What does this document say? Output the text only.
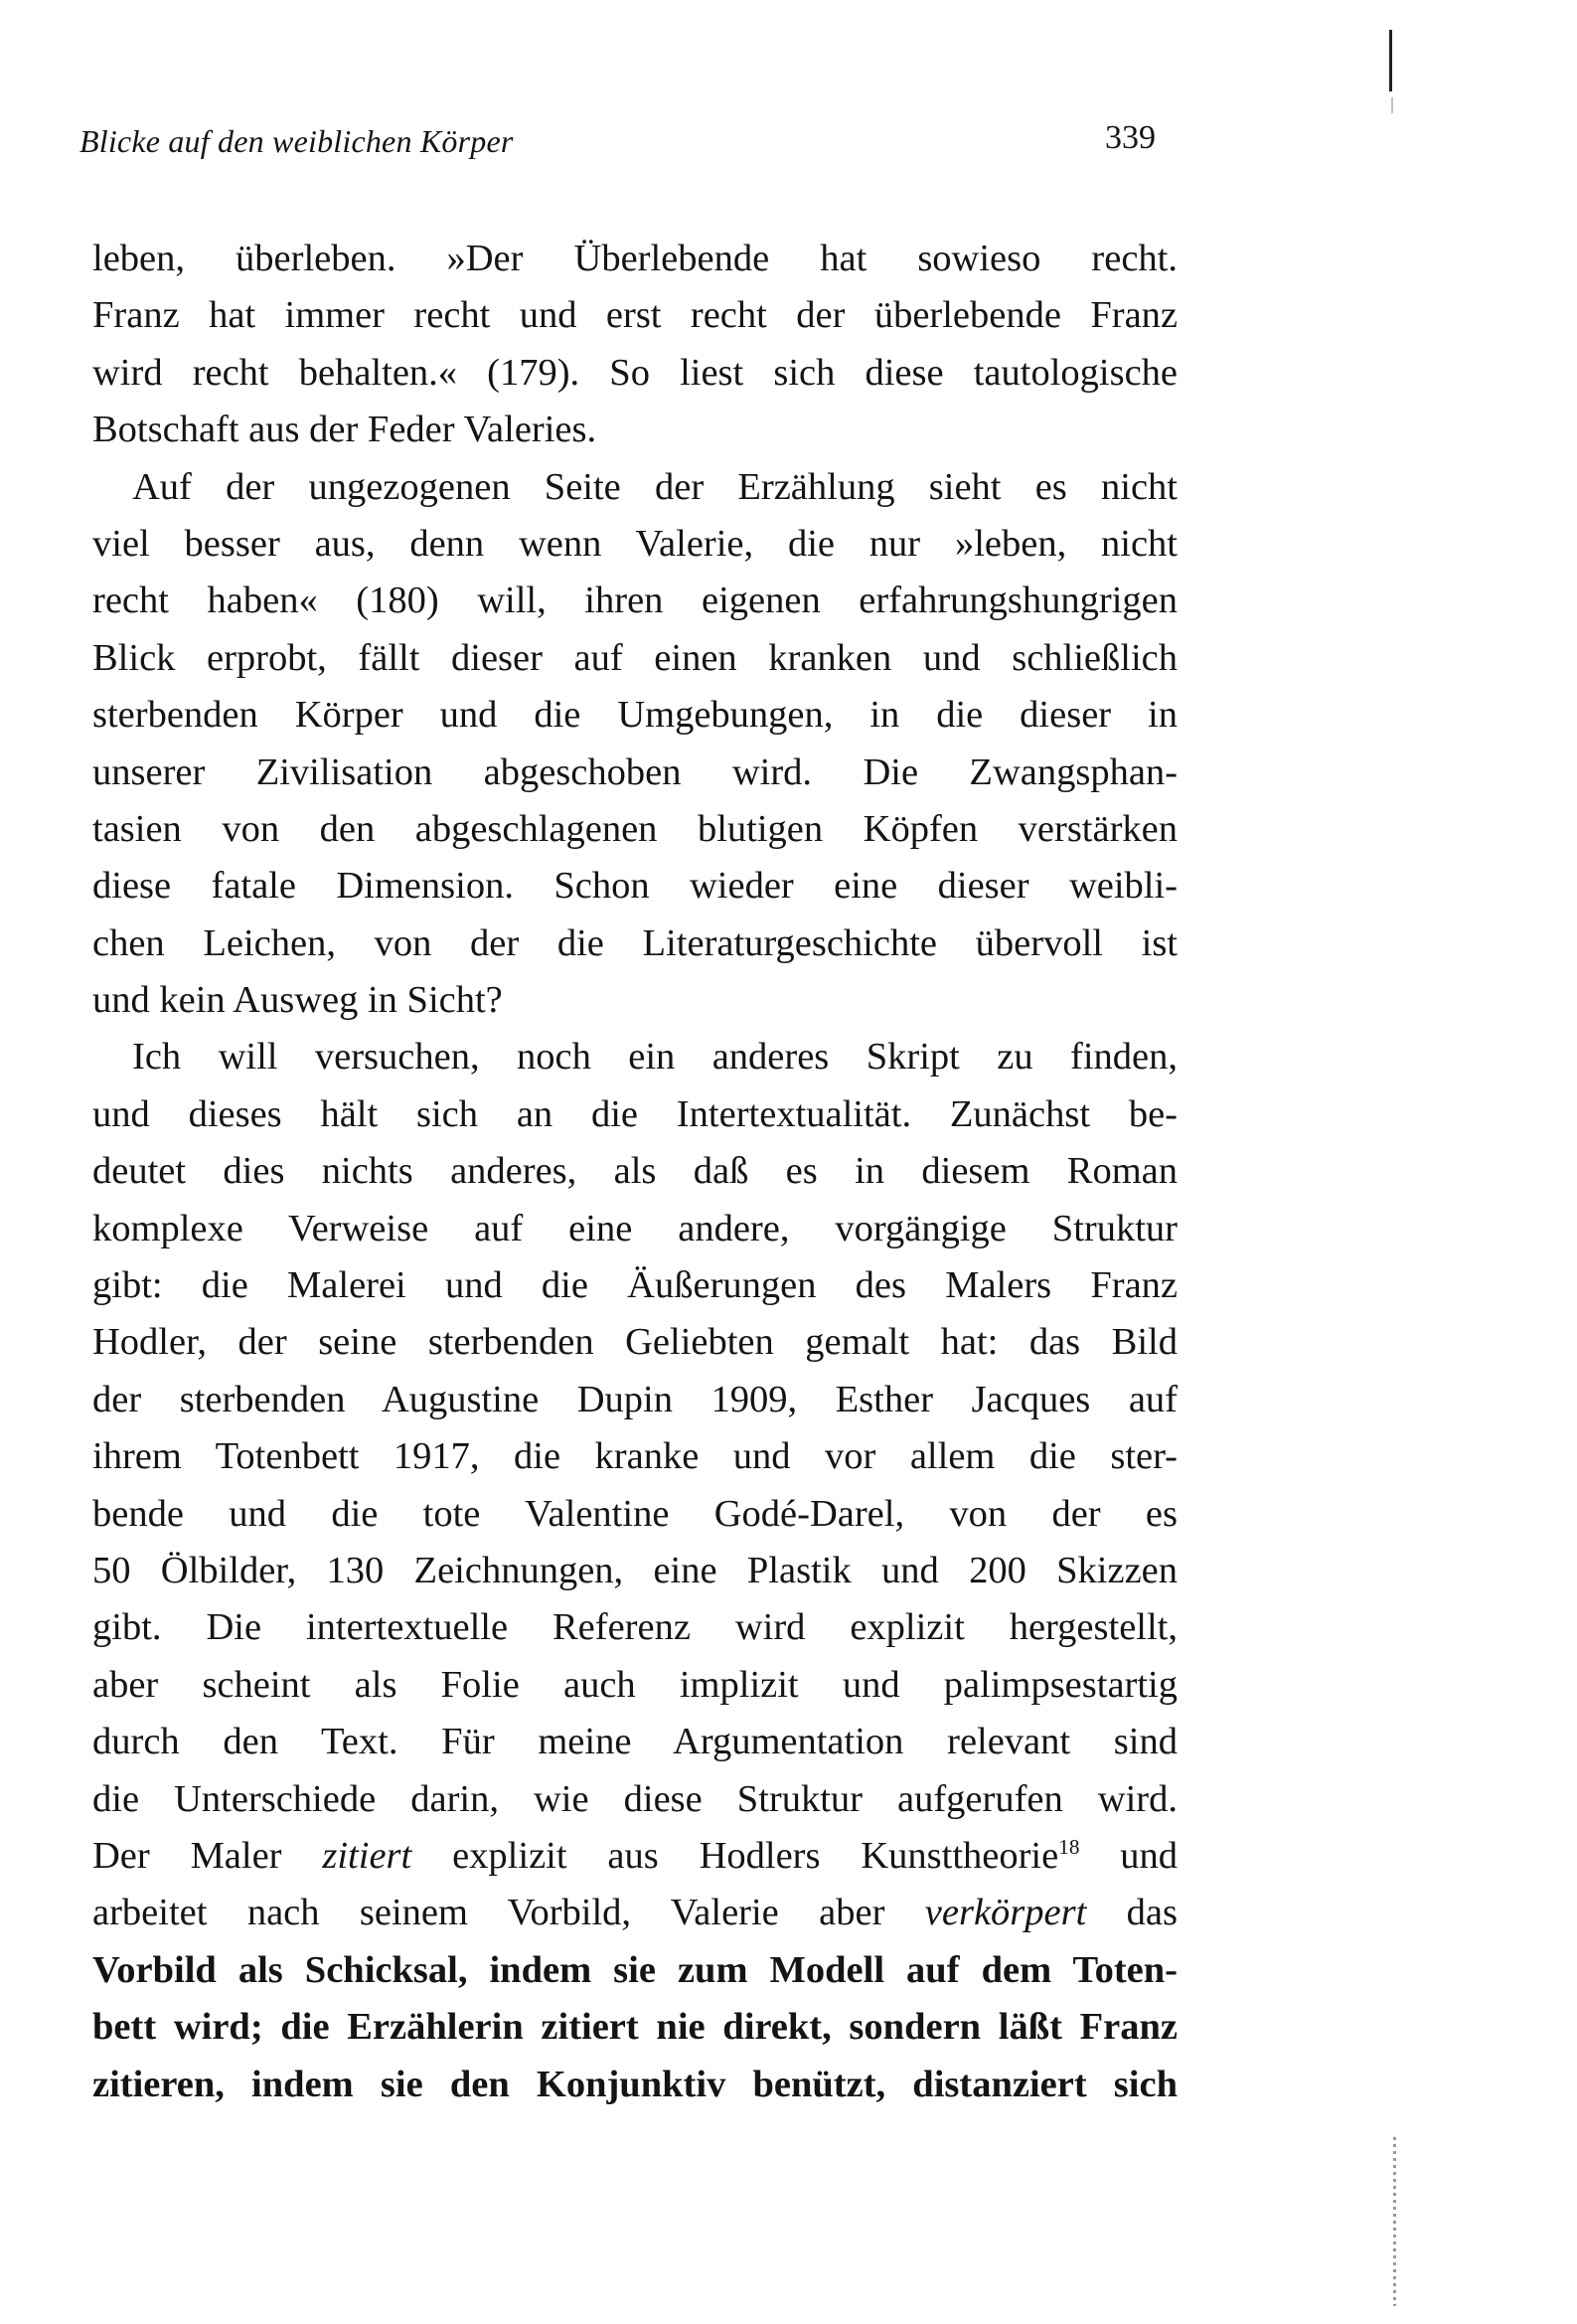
Blicke auf den weiblichen Körper	339
leben, überleben. »Der Überlebende hat sowieso recht.
Franz hat immer recht und erst recht der überlebende Franz
wird recht behalten.« (179). So liest sich diese tautologische
Botschaft aus der Feder Valeries.
Auf der ungezogenen Seite der Erzählung sieht es nicht
viel besser aus, denn wenn Valerie, die nur »leben, nicht
recht haben« (180) will, ihren eigenen erfahrungshungrigen
Blick erprobt, fällt dieser auf einen kranken und schließlich
sterbenden Körper und die Umgebungen, in die dieser in
unserer Zivilisation abgeschoben wird. Die Zwangsphan-
tasien von den abgeschlagenen blutigen Köpfen verstärken
diese fatale Dimension. Schon wieder eine dieser weibli-
chen Leichen, von der die Literaturgeschichte übervoll ist
und kein Ausweg in Sicht?
Ich will versuchen, noch ein anderes Skript zu finden,
und dieses hält sich an die Intertextualität. Zunächst be-
deutet dies nichts anderes, als daß es in diesem Roman
komplexe Verweise auf eine andere, vorgängige Struktur
gibt: die Malerei und die Äußerungen des Malers Franz
Hodler, der seine sterbenden Geliebten gemalt hat: das Bild
der sterbenden Augustine Dupin 1909, Esther Jacques auf
ihrem Totenbett 1917, die kranke und vor allem die ster-
bende und die tote Valentine Godé-Darel, von der es
50 Ölbilder, 130 Zeichnungen, eine Plastik und 200 Skizzen
gibt. Die intertextuelle Referenz wird explizit hergestellt,
aber scheint als Folie auch implizit und palimpsestartig
durch den Text. Für meine Argumentation relevant sind
die Unterschiede darin, wie diese Struktur aufgerufen wird.
Der Maler zitiert explizit aus Hodlers Kunsttheorie$^{18}$ und
arbeitet nach seinem Vorbild, Valerie aber verkörpert das
Vorbild als Schicksal, indem sie zum Modell auf dem Toten-
bett wird; die Erzählerin zitiert nie direkt, sondern läßt Franz
zitieren, indem sie den Konjunktiv benützt, distanziert sich
